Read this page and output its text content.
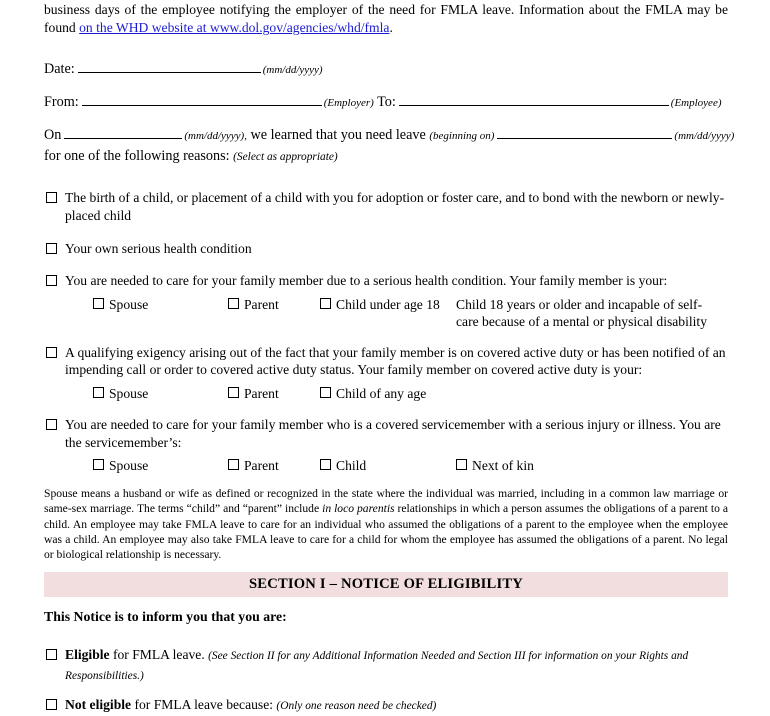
business days of the employee notifying the employer of the need for FMLA leave. Information about the FMLA may be found on the WHD website at www.dol.gov/agencies/whd/fmla.

Date:	(mm/dd/yyyy)
From:	(Employer) To:	(Employee)
On	(mm/dd/yyyy), we learned that you need leave (beginning on)	(mm/dd/yyyy)
for one of the following reasons: (Select as appropriate)
The birth of a child, or placement of a child with you for adoption or foster care, and to bond with the newborn or newly-placed child
Your own serious health condition
You are needed to care for your family member due to a serious health condition. Your family member is your:
Spouse	Parent	Child under age 18 Child 18 years or older and incapable of self-
care because of a mental or physical disability
A qualifying exigency arising out of the fact that your family member is on covered active duty or has been notified of an impending call or order to covered active duty status. Your family member on covered active duty is your:
Spouse	Parent	Child of any age
You are needed to care for your family member who is a covered servicemember with a serious injury or illness. You are the servicemember’s:
Spouse	Parent	Child	Next of kin

Spouse means a husband or wife as defined or recognized in the state where the individual was married, including in a common law marriage or same-sex marriage. The terms “child” and “parent” include in loco parentis relationships in which a person assumes the obligations of a parent to a child. An employee may take FMLA leave to care for an individual who assumed the obligations of a parent to the employee when the employee was a child. An employee may also take FMLA leave to care for a child for whom the employee has assumed the obligations of a parent. No legal or biological relationship is necessary.

SECTION I – NOTICE OF ELIGIBILITY
This Notice is to inform you that you are:
Eligible for FMLA leave. (See Section II for any Additional Information Needed and Section III for information on your Rights and Responsibilities.)
Not eligible for FMLA leave because: (Only one reason need be checked)
